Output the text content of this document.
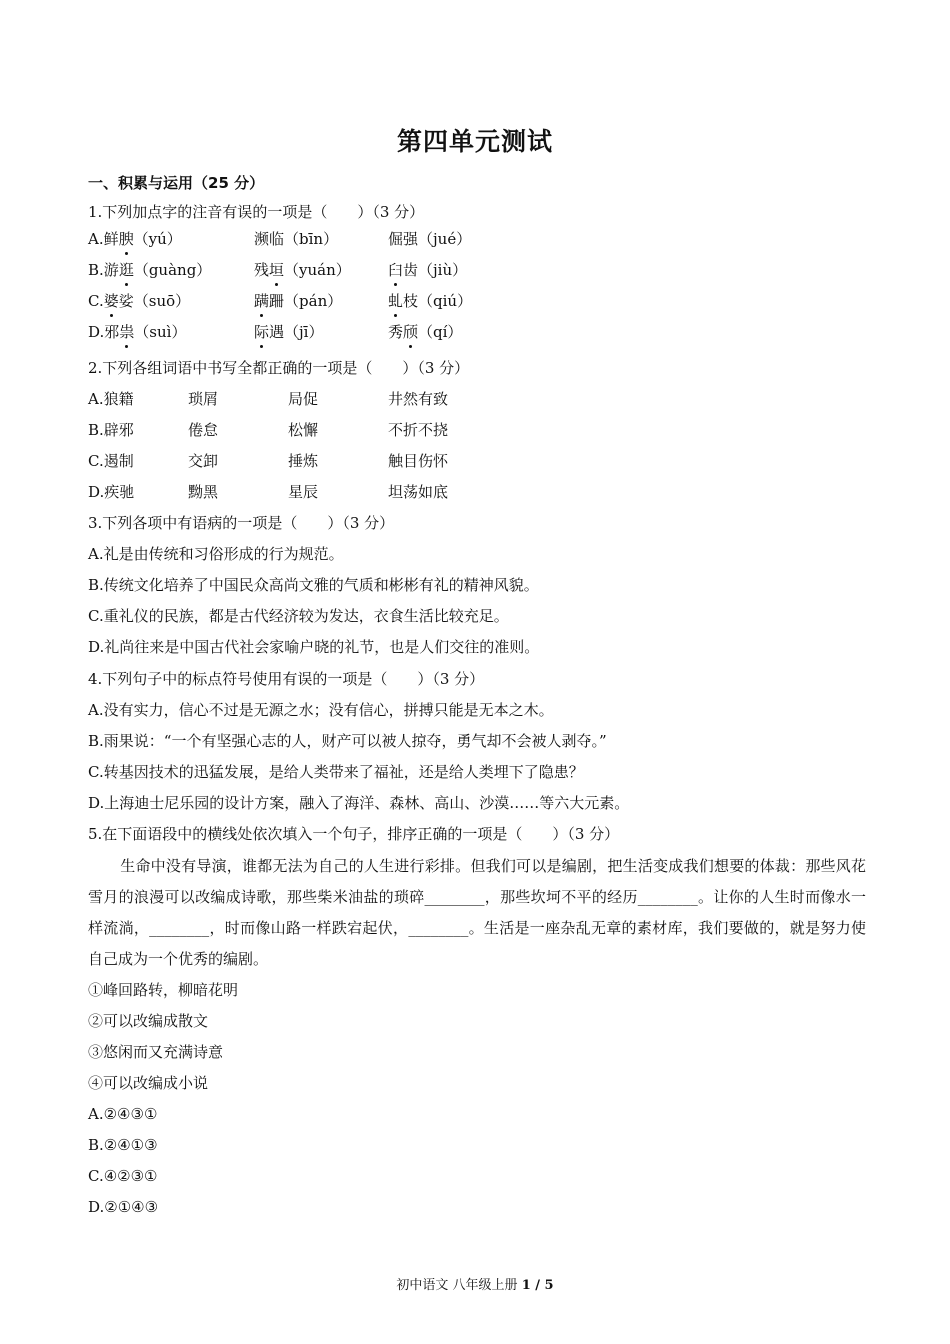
第四单元测试
一、积累与运用（25 分）
1.下列加点字的注音有误的一项是（　　）（3 分）
A.鲜腴（yú）	濒临（bīn）	倔强（jué）
B.游逛（guàng）	残垣（yuán） 臼齿（jiù）
C.婆娑（suō）	蹒跚（pán）	虬枝（qiú）
D.邪祟（suì）	际遇（jī）	秀颀（qí）
2.下列各组词语中书写全都正确的一项是（　　）（3 分）
A.狼籍	琐屑	局促	井然有致
B.辟邪	倦怠	松懈	不折不挠
C.遏制	交卸	捶炼	触目伤怀
D.疾驰	黝黑	星辰	坦荡如底
3.下列各项中有语病的一项是（　　）（3 分）
A.礼是由传统和习俗形成的行为规范。
B.传统文化培养了中国民众高尚文雅的气质和彬彬有礼的精神风貌。
C.重礼仪的民族，都是古代经济较为发达，衣食生活比较充足。
D.礼尚往来是中国古代社会家喻户晓的礼节，也是人们交往的准则。
4.下列句子中的标点符号使用有误的一项是（　　）（3 分）
A.没有实力，信心不过是无源之水；没有信心，拼搏只能是无本之木。
B.雨果说：“一个有坚强心志的人，财产可以被人掠夺，勇气却不会被人剥夺。”
C.转基因技术的迅猛发展，是给人类带来了福祉，还是给人类埋下了隐患？
D.上海迪士尼乐园的设计方案，融入了海洋、森林、高山、沙漠……等六大元素。
5.在下面语段中的横线处依次填入一个句子，排序正确的一项是（　　）（3 分）
生命中没有导演，谁都无法为自己的人生进行彩排。但我们可以是编剧，把生活变成我们想要的体裁：那些风花雪月的浪漫可以改编成诗歌，那些柴米油盐的琐碎________，那些坎坷不平的经历________。让你的人生时而像水一样流淌，________，时而像山路一样跌宕起伏，________。生活是一座杂乱无章的素材库，我们要做的，就是努力使自己成为一个优秀的编剧。
①峰回路转，柳暗花明
②可以改编成散文
③悠闲而又充满诗意
④可以改编成小说
A.②④③①
B.②④①③
C.④②③①
D.②①④③
初中语文 八年级上册 1 / 5
